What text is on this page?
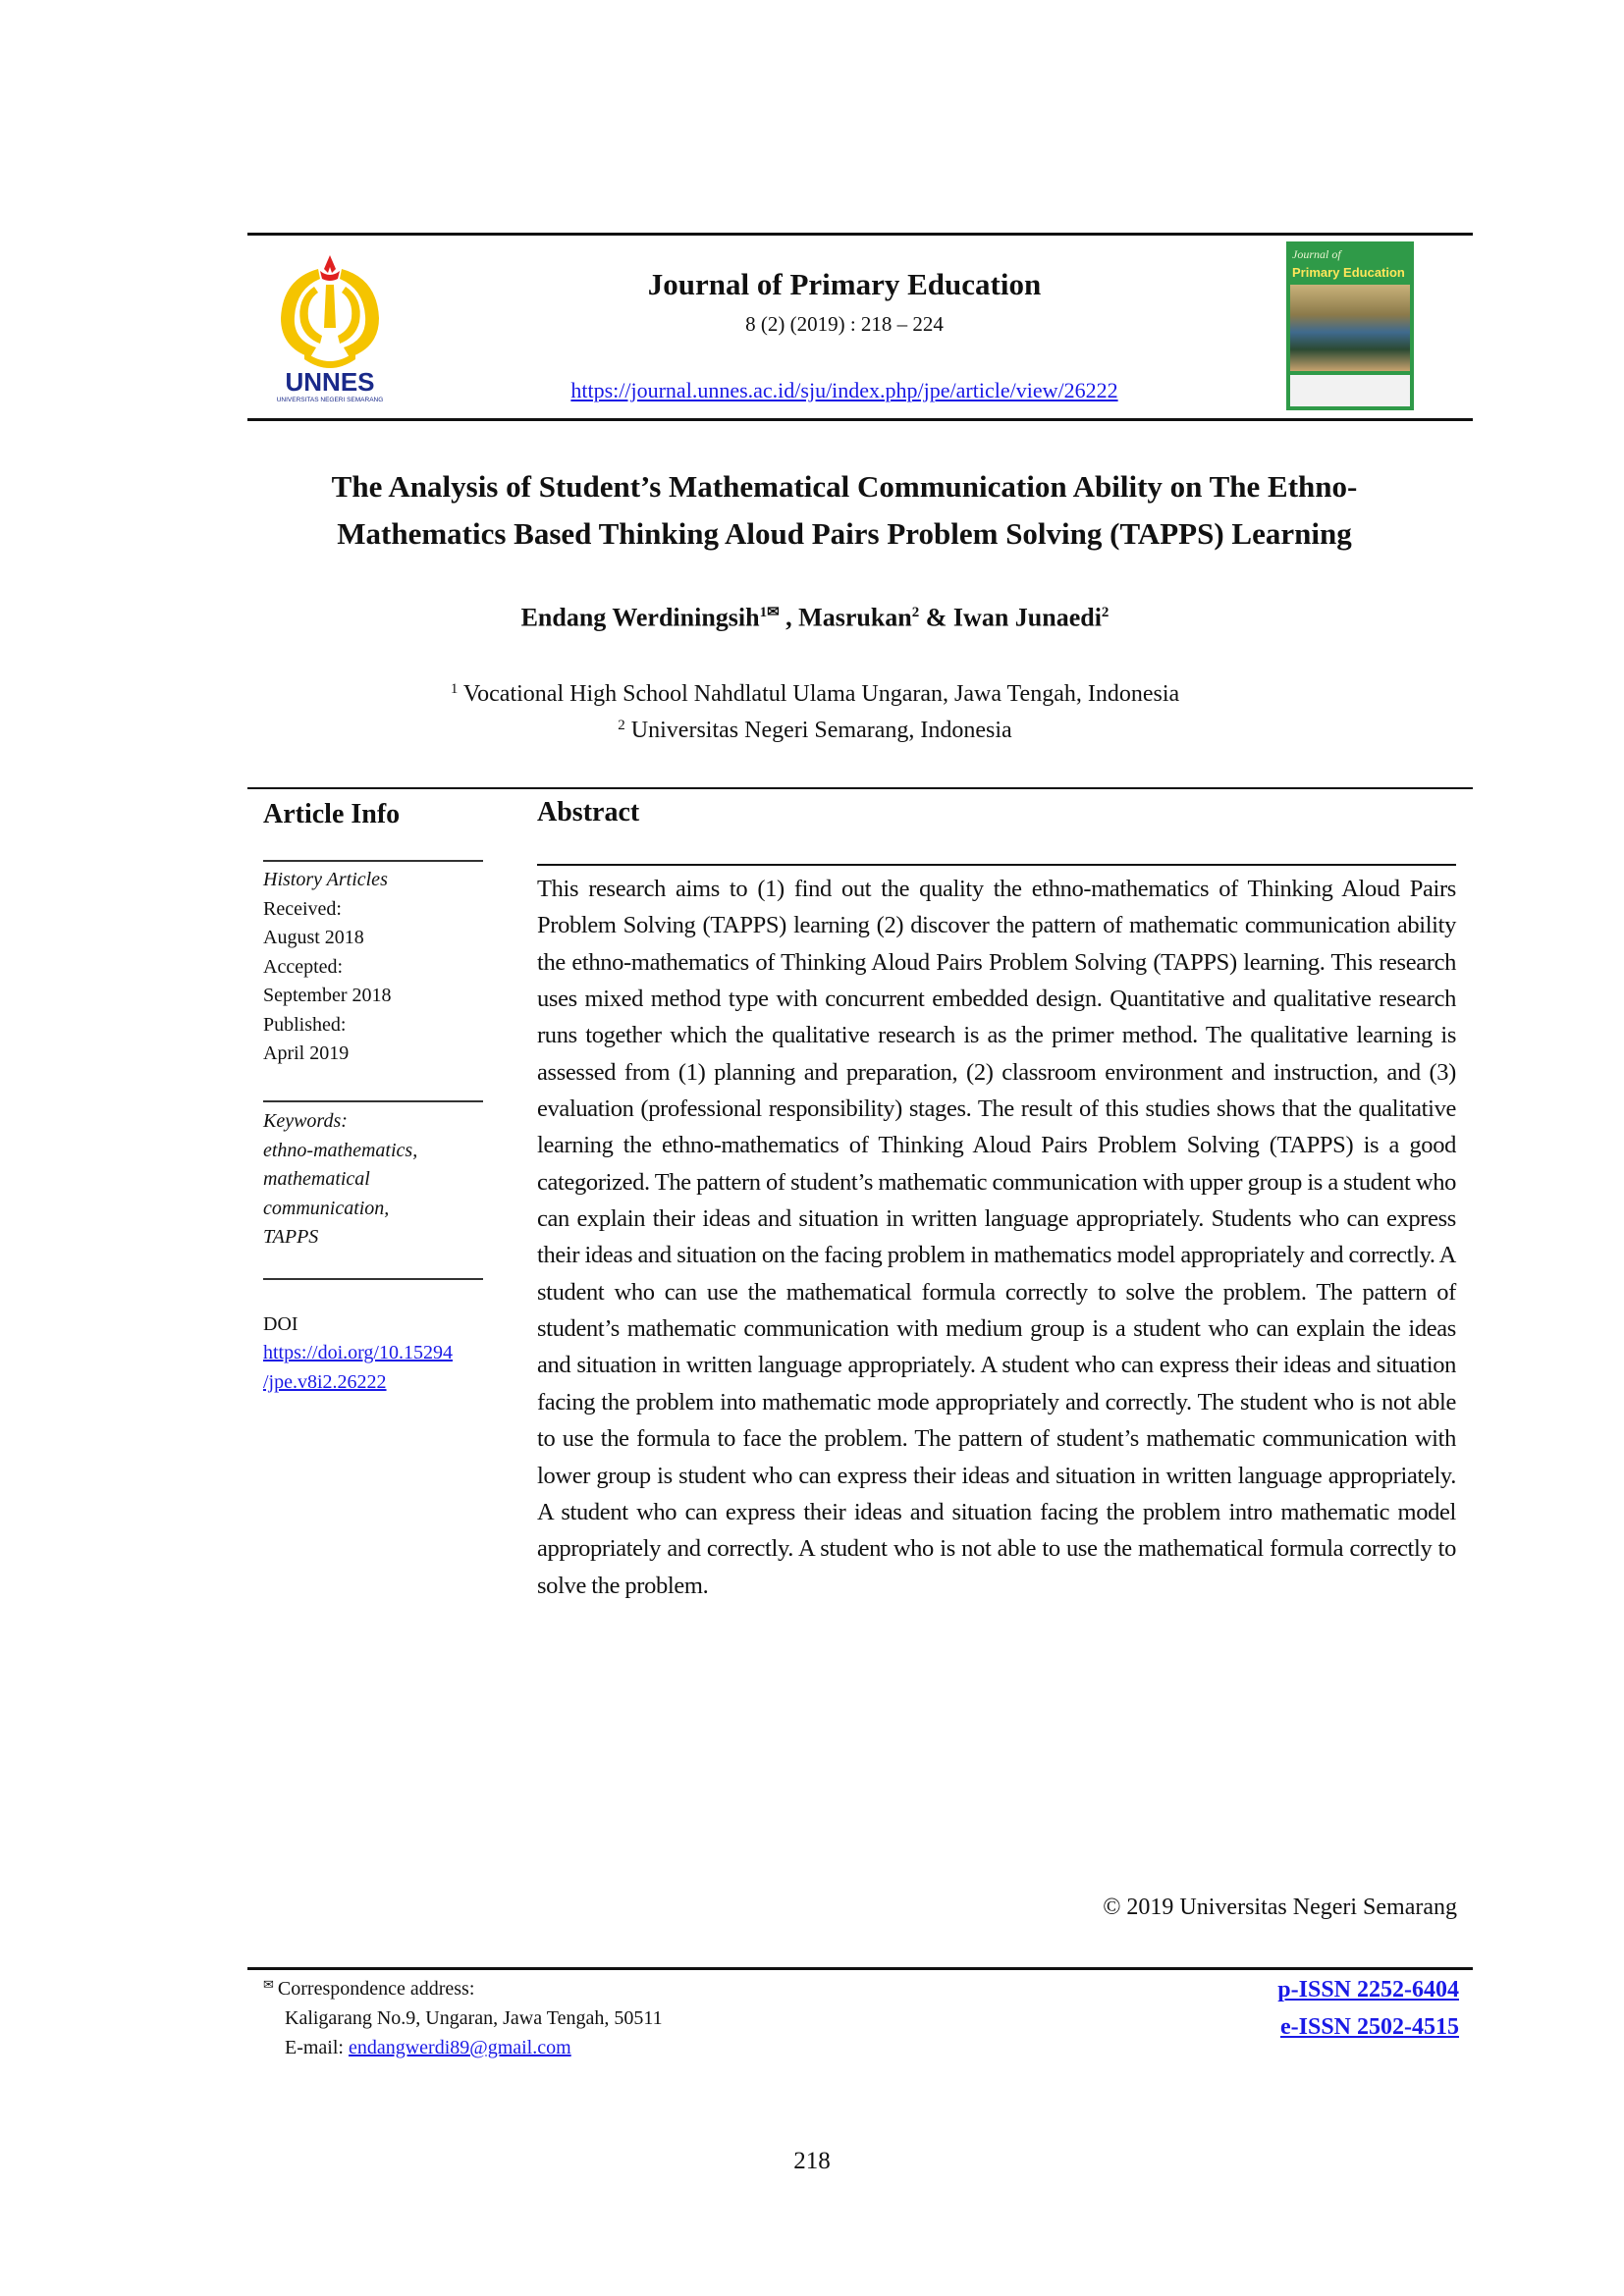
UNNES
UNIVERSITAS NEGERI SEMARANG
Journal of Primary Education
8 (2) (2019) : 218 – 224
https://journal.unnes.ac.id/sju/index.php/jpe/article/view/26222
Journal of
Primary Education
The Analysis of Student’s Mathematical Communication Ability on The Ethno-
Mathematics Based Thinking Aloud Pairs Problem Solving (TAPPS) Learning
Endang Werdiningsih$^{1✉}$ , Masrukan$^2$ & Iwan Junaedi$^2$
$^1$ Vocational High School Nahdlatul Ulama Ungaran, Jawa Tengah, Indonesia
$^2$ Universitas Negeri Semarang, Indonesia
Article Info
History Articles
Received:
August 2018
Accepted:
September 2018
Published:
April 2019
Keywords:
ethno-mathematics,
mathematical
communication,
TAPPS
DOI
https://doi.org/10.15294
/jpe.v8i2.26222
Abstract
This research aims to (1) find out the quality the ethno-mathematics of Thinking Aloud Pairs Problem Solving (TAPPS) learning (2) discover the pattern of mathematic communication ability the ethno-mathematics of Thinking Aloud Pairs Problem Solving (TAPPS) learning. This research uses mixed method type with concurrent embedded design. Quantitative and qualitative research runs together which the qualitative research is as the primer method. The qualitative learning is assessed from (1) planning and preparation, (2) classroom environment and instruction, and (3) evaluation (professional responsibility) stages. The result of this studies shows that the qualitative learning the ethno-mathematics of Thinking Aloud Pairs Problem Solving (TAPPS) is a good categorized. The pattern of student’s mathematic communication with upper group is a student who can explain their ideas and situation in written language appropriately. Students who can express their ideas and situation on the facing problem in mathematics model appropriately and correctly. A student who can use the mathematical formula correctly to solve the problem. The pattern of student’s mathematic communication with medium group is a student who can explain the ideas and situation in written language appropriately. A student who can express their ideas and situation facing the problem into mathematic mode appropriately and correctly. The student who is not able to use the formula to face the problem. The pattern of student’s mathematic communication with lower group is student who can express their ideas and situation in written language appropriately. A student who can express their ideas and situation facing the problem intro mathematic model appropriately and correctly. A student who is not able to use the mathematical formula correctly to solve the problem.
© 2019 Universitas Negeri Semarang
✉ Correspondence address:
Kaligarang No.9, Ungaran, Jawa Tengah, 50511
E-mail: endangwerdi89@gmail.com
p-ISSN 2252-6404
e-ISSN 2502-4515
218
